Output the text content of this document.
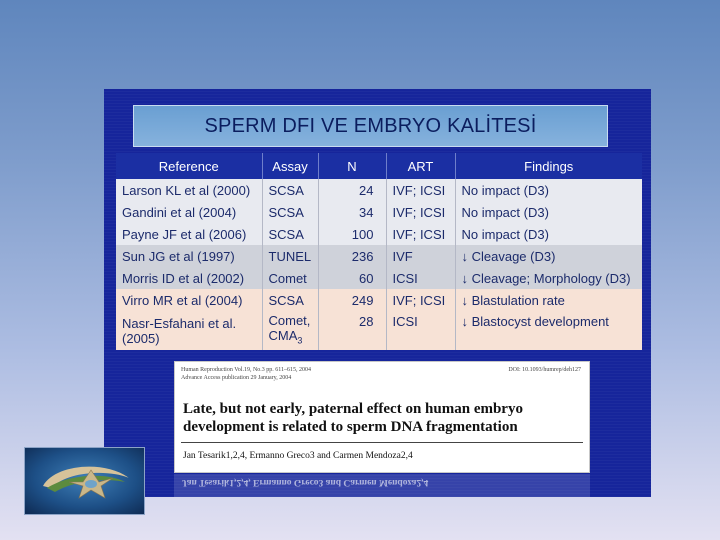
SPERM DFI VE EMBRYO KALİTESİ
Reference	Assay	N	ART	Findings
Larson KL et al (2000)	SCSA	24	IVF; ICSI	No impact (D3)
Gandini et al (2004)	SCSA	34	IVF; ICSI	No impact (D3)
Payne JF et al (2006)	SCSA	100	IVF; ICSI	No impact (D3)
Sun JG et al (1997)	TUNEL	236	IVF	↓ Cleavage (D3)
Morris ID et al (2002)	Comet	60	ICSI	↓ Cleavage; Morphology (D3)
Virro MR et al (2004)	SCSA	249	IVF; ICSI	↓ Blastulation rate
Nasr-Esfahani et al. (2005)	Comet, $CMA_3$	28	ICSI	↓ Blastocyst development
Human Reproduction Vol.19, No.3 pp. 611–615, 2004
Advance Access publication 29 January, 2004
DOI: 10.1093/humrep/deh127

Late, but not early, paternal effect on human embryo development is related to sperm DNA fragmentation

Jan Tesarik1,2,4, Ermanno Greco3 and Carmen Mendoza2,4
Jan Tesarik1,2,4, Ermanno Greco3 and Carmen Mendoza2,4
